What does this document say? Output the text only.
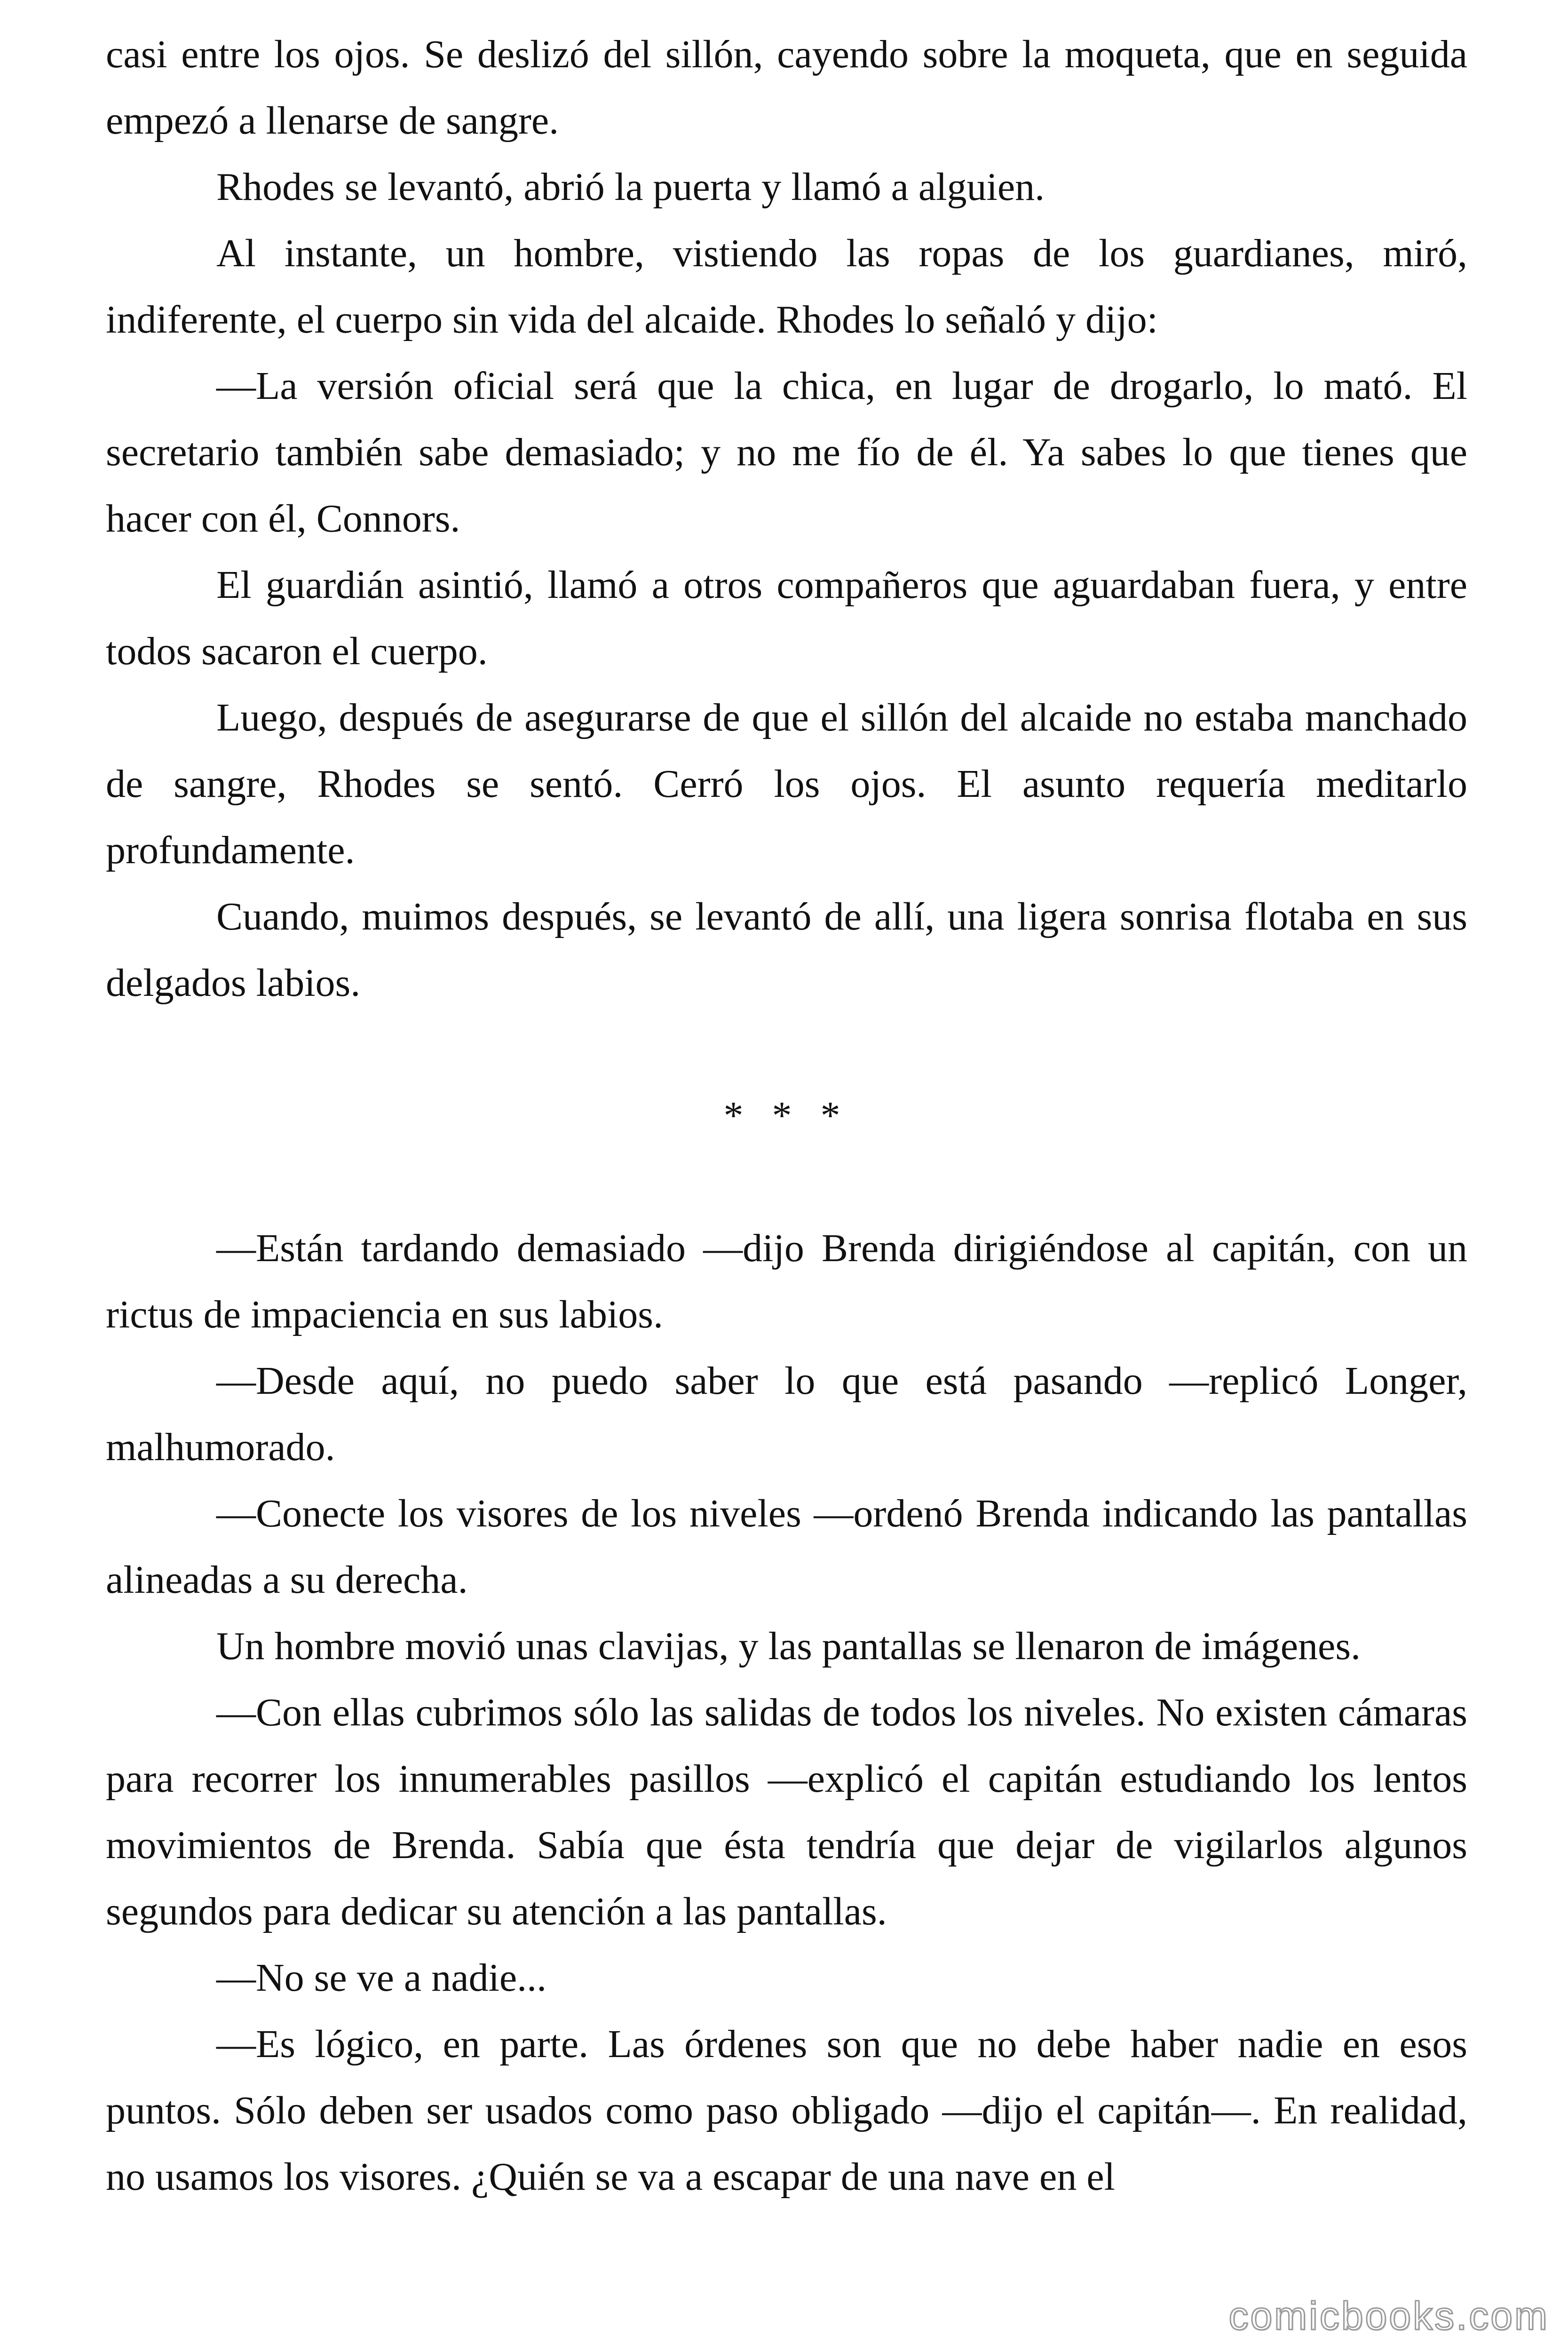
casi entre los ojos. Se deslizó del sillón, cayendo sobre la moqueta, que en seguida empezó a llenarse de sangre.

Rhodes se levantó, abrió la puerta y llamó a alguien.

Al instante, un hombre, vistiendo las ropas de los guardianes, miró, indiferente, el cuerpo sin vida del alcaide. Rhodes lo señaló y dijo:

—La versión oficial será que la chica, en lugar de drogarlo, lo mató. El secretario también sabe demasiado; y no me fío de él. Ya sabes lo que tienes que hacer con él, Connors.

El guardián asintió, llamó a otros compañeros que aguardaban fuera, y entre todos sacaron el cuerpo.

Luego, después de asegurarse de que el sillón del alcaide no estaba manchado de sangre, Rhodes se sentó. Cerró los ojos. El asunto requería meditarlo profundamente.

Cuando, muimos después, se levantó de allí, una ligera sonrisa flotaba en sus delgados labios.

* * *

—Están tardando demasiado —dijo Brenda dirigiéndose al capitán, con un rictus de impaciencia en sus labios.

—Desde aquí, no puedo saber lo que está pasando —replicó Longer, malhumorado.

—Conecte los visores de los niveles —ordenó Brenda indicando las pantallas alineadas a su derecha.

Un hombre movió unas clavijas, y las pantallas se llenaron de imágenes.

—Con ellas cubrimos sólo las salidas de todos los niveles. No existen cámaras para recorrer los innumerables pasillos —explicó el capitán estudiando los lentos movimientos de Brenda. Sabía que ésta tendría que dejar de vigilarlos algunos segundos para dedicar su atención a las pantallas.

—No se ve a nadie...

—Es lógico, en parte. Las órdenes son que no debe haber nadie en esos puntos. Sólo deben ser usados como paso obligado —dijo el capitán—. En realidad, no usamos los visores. ¿Quién se va a escapar de una nave en el

comicbooks.com
